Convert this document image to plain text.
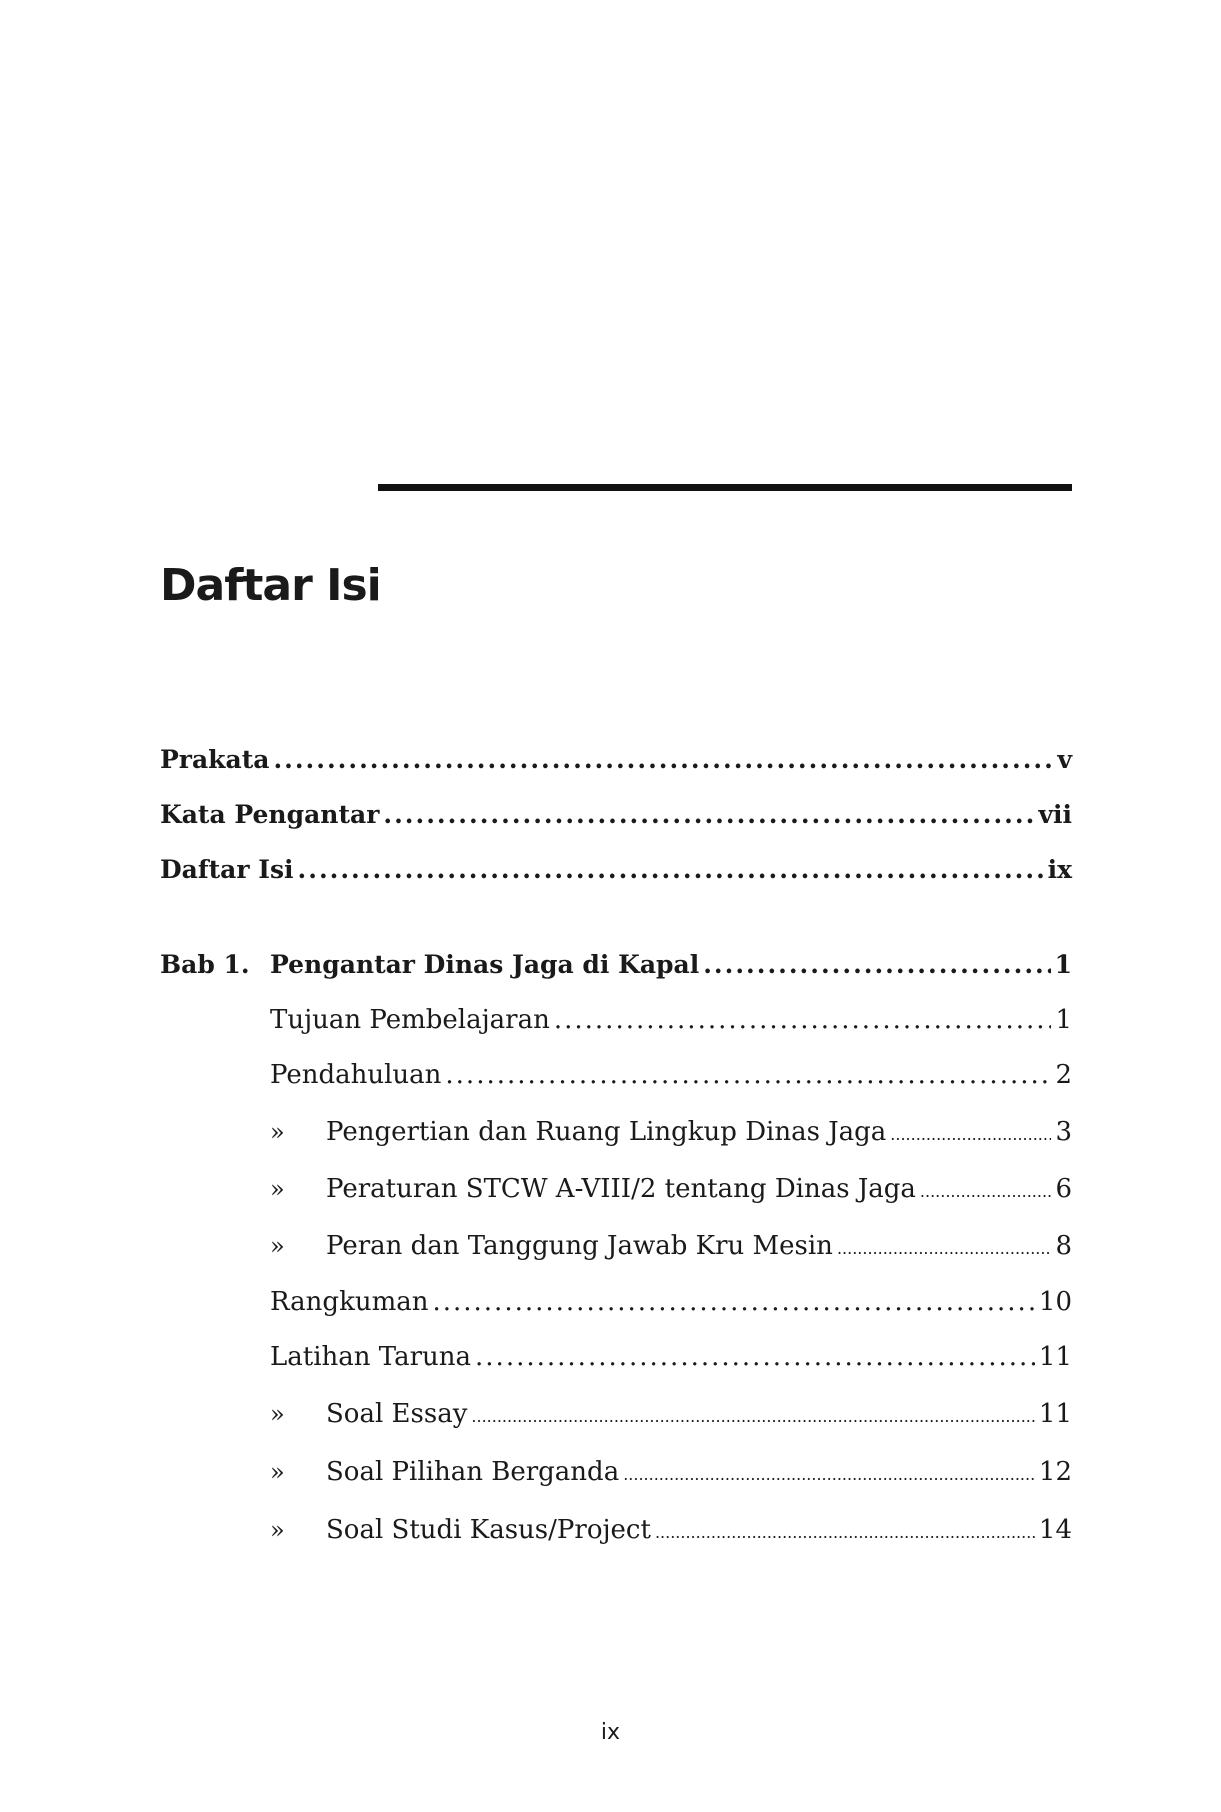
Daftar Isi
Prakata .....	v
Kata Pengantar .....	vii
Daftar Isi .....	ix
Bab 1. Pengantar Dinas Jaga di Kapal .....	1
Tujuan Pembelajaran .....	1
Pendahuluan .....	2
»	Pengertian dan Ruang Lingkup Dinas Jaga .....	3
»	Peraturan STCW A-VIII/2 tentang Dinas Jaga .....	6
»	Peran dan Tanggung Jawab Kru Mesin .....	8
Rangkuman .....	10
Latihan Taruna .....	11
»	Soal Essay .....	11
»	Soal Pilihan Berganda .....	12
»	Soal Studi Kasus/Project .....	14
ix
